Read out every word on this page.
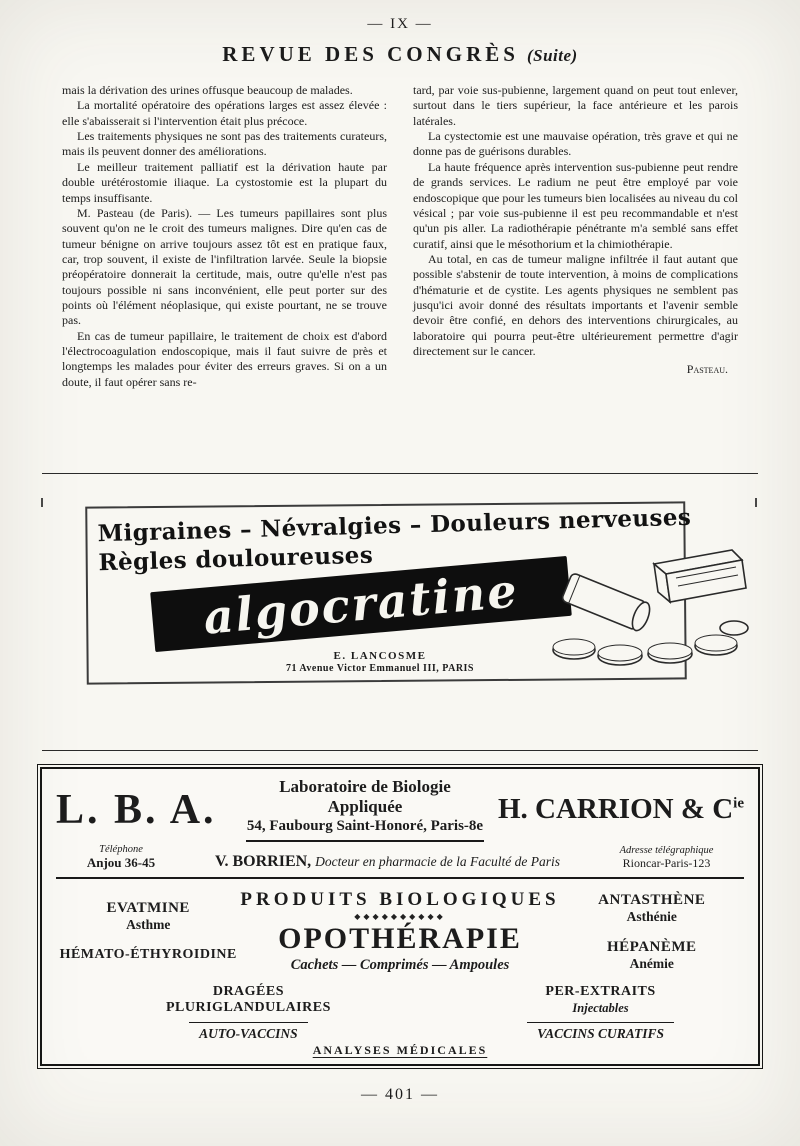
— IX —
REVUE DES CONGRÈS (Suite)

mais la dérivation des urines offusque beaucoup de malades.

La mortalité opératoire des opérations larges est assez élevée : elle s'abaisserait si l'intervention était plus précoce.

Les traitements physiques ne sont pas des traitements curateurs, mais ils peuvent donner des améliorations.

Le meilleur traitement palliatif est la dérivation haute par double urétérostomie iliaque. La cystostomie est la plupart du temps insuffisante.

M. Pasteau (de Paris). — Les tumeurs papillaires sont plus souvent qu'on ne le croit des tumeurs malignes. Dire qu'en cas de tumeur bénigne on arrive toujours assez tôt est en pratique faux, car, trop souvent, il existe de l'infiltration larvée. Seule la biopsie préopératoire donnerait la certitude, mais, outre qu'elle n'est pas toujours possible ni sans inconvénient, elle peut porter sur des points où l'élément néoplasique, qui existe pourtant, ne se trouve pas.

En cas de tumeur papillaire, le traitement de choix est d'abord l'électrocoagulation endoscopique, mais il faut suivre de près et longtemps les malades pour éviter des erreurs graves. Si on a un doute, il faut opérer sans re-

tard, par voie sus-pubienne, largement quand on peut tout enlever, surtout dans le tiers supérieur, la face antérieure et les parois latérales.

La cystectomie est une mauvaise opération, très grave et qui ne donne pas de guérisons durables.

La haute fréquence après intervention sus-pubienne peut rendre de grands services. Le radium ne peut être employé par voie endoscopique que pour les tumeurs bien localisées au niveau du col vésical ; par voie sus-pubienne il est peu recommandable et n'est qu'un pis aller. La radiothérapie pénétrante m'a semblé sans effet curatif, ainsi que le mésothorium et la chimiothérapie.

Au total, en cas de tumeur maligne infiltrée il faut autant que possible s'abstenir de toute intervention, à moins de complications d'hématurie et de cystite. Les agents physiques ne semblent pas jusqu'ici avoir donné des résultats importants et l'avenir semble devoir être confié, en dehors des interventions chirurgicales, au laboratoire qui pourra peut-être ultérieurement permettre d'agir directement sur le cancer.

Pasteau.

Migraines – Névralgies – Douleurs nerveuses
Règles douloureuses
algocratine
E. LANCOSME
71 Avenue Victor Emmanuel III, PARIS
L. B. A.	Laboratoire de Biologie Appliquée
54, Faubourg Saint-Honoré, Paris-8e
H. CARRION & $C^{ie}$
Téléphone
Anjou 36-45	V. BORRIEN, Docteur en pharmacie de la Faculté de Paris
Adresse télégraphique
Rioncar-Paris-123
EVATMINE
Asthme
HÉMATO-ÉTHYROIDINE
PRODUITS BIOLOGIQUES
◆◆◆◆◆◆◆◆◆◆
OPOTHÉRAPIE
Cachets — Comprimés — Ampoules
ANTASTHÈNE
Asthénie
HÉPANÈME
Anémie
DRAGÉES
PLURIGLANDULAIRES
AUTO-VACCINS
ANALYSES MÉDICALES
PER-EXTRAITS
Injectables
VACCINS CURATIFS
— 401 —
